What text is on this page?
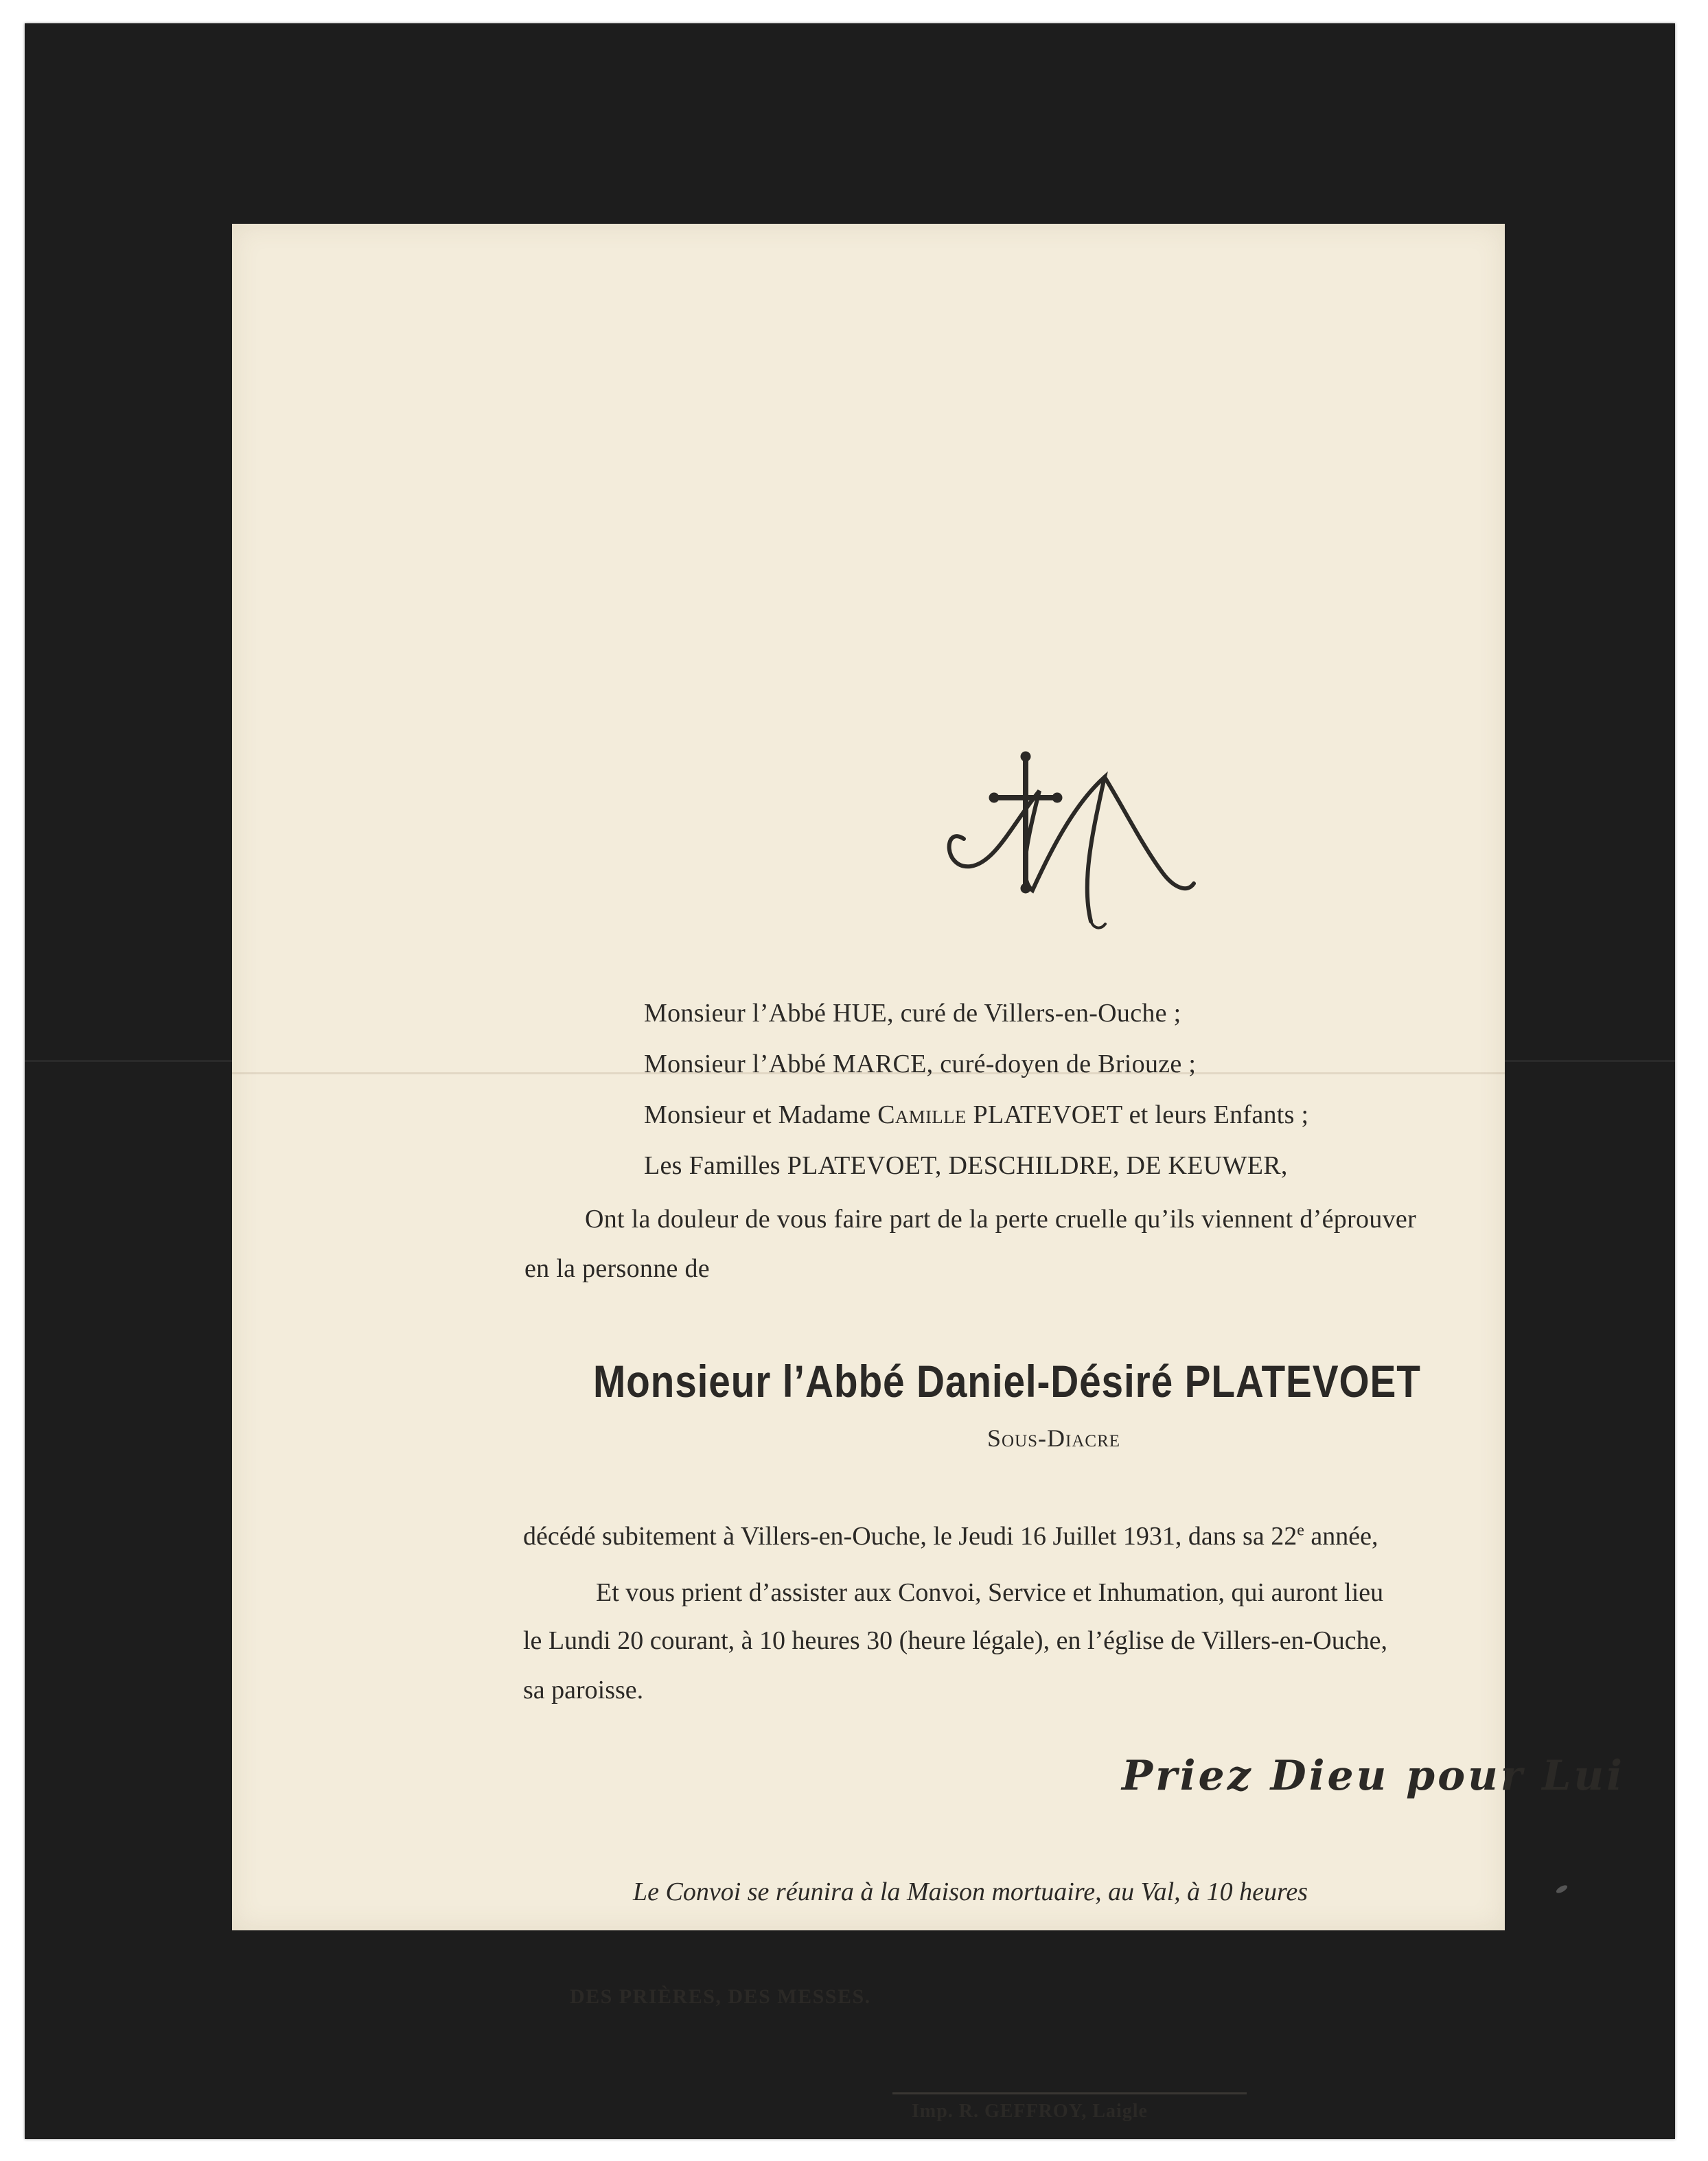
M
Monsieur l’Abbé HUE, curé de Villers-en-Ouche ;
Monsieur l’Abbé MARCE, curé-doyen de Briouze ;
Monsieur et Madame Camille PLATEVOET et leurs Enfants ;
Les Familles PLATEVOET, DESCHILDRE, DE KEUWER,
Ont la douleur de vous faire part de la perte cruelle qu’ils viennent d’éprouver
en la personne de
Monsieur l’Abbé Daniel-Désiré PLATEVOET
Sous-Diacre
décédé subitement à Villers-en-Ouche, le Jeudi 16 Juillet 1931, dans sa 22e année,
Et vous prient d’assister aux Convoi, Service et Inhumation, qui auront lieu
le Lundi 20 courant, à 10 heures 30 (heure légale), en l’église de Villers-en-Ouche,
sa paroisse.
Priez Dieu pour Lui
Le Convoi se réunira à la Maison mortuaire, au Val, à 10 heures
DES PRIÈRES, DES MESSES.
Imp. R. GEFFROY, Laigle
